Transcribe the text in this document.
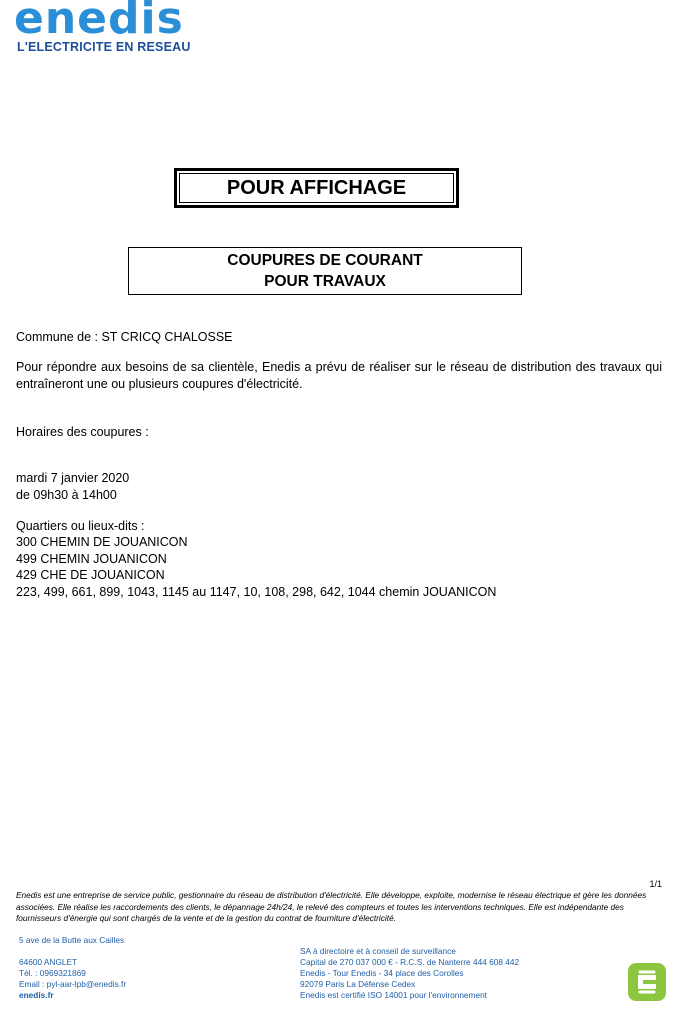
enedis
L'ELECTRICITE EN RESEAU
POUR AFFICHAGE
COUPURES DE COURANT
POUR TRAVAUX
Commune de : ST CRICQ CHALOSSE
Pour répondre aux besoins de sa clientèle, Enedis a prévu de réaliser sur le réseau de distribution des travaux qui entraîneront une ou plusieurs coupures d'électricité.
Horaires des coupures :
mardi 7 janvier 2020
de 09h30 à 14h00
Quartiers ou lieux-dits :
300 CHEMIN DE JOUANICON
499 CHEMIN JOUANICON
429 CHE DE JOUANICON
223, 499, 661, 899, 1043, 1145 au 1147, 10, 108, 298, 642, 1044 chemin JOUANICON
1/1
Enedis est une entreprise de service public, gestionnaire du réseau de distribution d'électricité. Elle développe, exploite, modernise le réseau électrique et gère les données associées. Elle réalise les raccordements des clients, le dépannage 24h/24, le relevé des compteurs et toutes les interventions techniques. Elle est indépendante des fournisseurs d'énergie qui sont chargés de la vente et de la gestion du contrat de fourniture d'électricité.
5 ave de la Butte aux Cailles
64600 ANGLET
Tél. : 0969321869
Email : pyl-aar-lpb@enedis.fr
enedis.fr
SA à directoire et à conseil de surveillance
Capital de 270 037 000 € - R.C.S. de Nanterre 444 608 442
Enedis - Tour Enedis - 34 place des Corolles
92079 Paris La Défense Cedex
Enedis est certifié ISO 14001 pour l'environnement
